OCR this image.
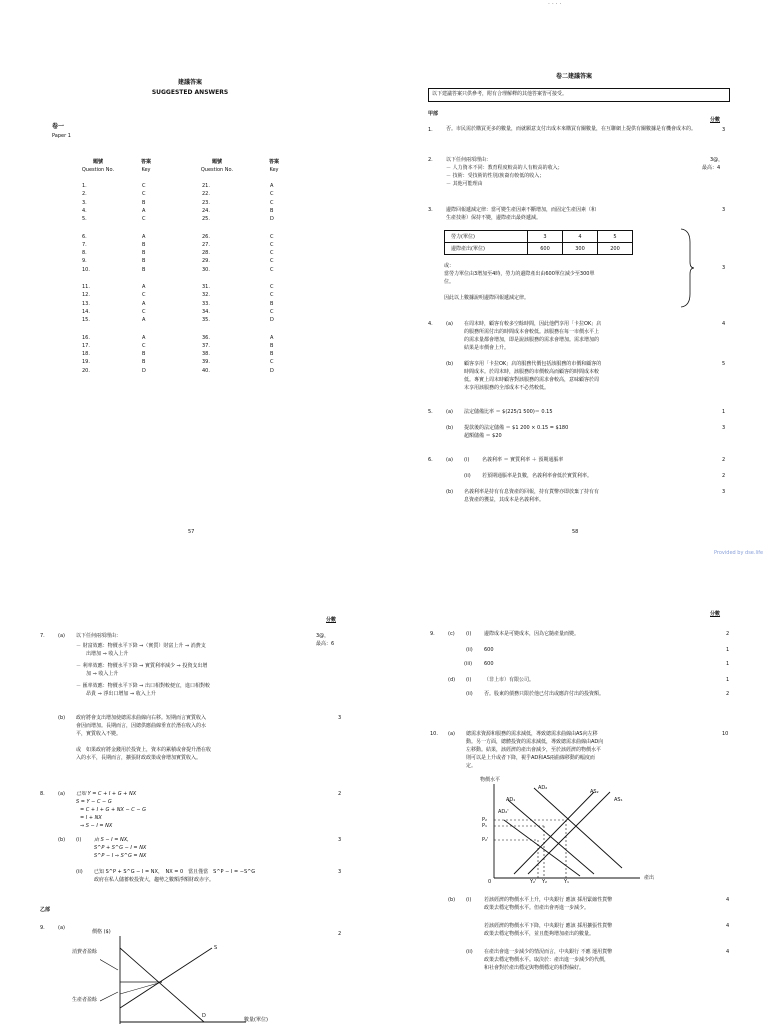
· · · ·
建議答案
SUGGESTED ANSWERS
卷一
Paper 1
題號
Question No.
答案
Key
題號
Question No.
答案
Key
1.	C
2.	C
3.	B
4.	A
5.	C
6.	A
7.	B
8.	B
9.	B
10.	B
11.	A
12.	C
13.	A
14.	C
15.	A
16.	A
17.	C
18.	B
19.	B
20.	D
21.	A
22.	C
23.	C
24.	B
25.	D
26.	C
27.	C
28.	C
29.	C
30.	C
31.	C
32.	C
33.	B
34.	C
35.	D
36.	A
37.	B
38.	B
39.	C
40.	D
57
卷二建議答案
以下建議答案只供參考，附有合理解釋的其他答案皆可接受。
甲部
分數
1.	否。市民需於購買更多的數量，而就願意支付出成本來購買有關數量，在互聯網上提供有關數據是有機會成本的。	3
2.	以下任何兩項理由：
－ 人力資本不同：教育程度較高的人有較高的收入；
－ 技術：受技術的性別/族裔有較低的收入；
－ 其他可能理由
3@，
最高：4
3.	邊際回報遞減定律：當可變生產因素不斷增加，而固定生產因素（和
生產技術）保持不變，邊際產出最終遞減。
3
勞力(單位)	3	4	5
邊際產出(單位)	600	300	200
或：
當勞力單位由3增加至4時，勞力的邊際產出由600單位減少至300單
位。
因此以上數據說明邊際回報遞減定律。
3
4.	(a) 在周末時，顧客有較多空餘時間，因此他們享用「卡拉OK」店
的服務所需付出的時間成本會較低。該服務在每一市價水平上
的需求量都會增加，即是說該服務的需求會增加。需求增加的
結果是市價會上升。
4
(b) 顧客享用「卡拉OK」店的服務代價包括該服務的市價和顧客的
時間成本。於周末時，該服務的市價較高而顧客的時間成本較
低。專實上周末時顧客對該服務的需求會較高，意味顧客於周
末享用該服務的全部成本不必然較低。
5
5.	(a) 法定儲備比率 ＝ $(225/1 500)＝ 0.15	1
(b) 提款後的法定儲備 ＝ $1 200 × 0.15 = $180
超額儲備 ＝ $20
3
6.	(a) (i)	名義利率 ＝ 實質利率 ＋ 預期通脹率	2
(ii) 若預期通脹率是負數，名義利率會低於實質利率。	2
(b) 名義利率是持有有息資產的回報，持有貨幣亦即放棄了持有有
息資產的獲益，其成本是名義利率。
3
58
Provided by dse.life
分數
7.	(a) 以下任何兩項理由：	3@，
最高：6
－ 財富效應：物價水平下降 ⇒（實質）財富上升 ⇒ 消費支
出增加 ⇒ 收入上升
－ 利率效應：物價水平下降 ⇒ 實質利率減少 ⇒ 投資支出增
加 ⇒ 收入上升
－ 匯率效應：物價水平下降 ⇒ 出口相對較便宜，進口相對較
昂貴 ⇒ 淨出口增加 ⇒ 收入上升
(b) 政府將會支出增加使總需求曲線向右移。短期而言實質收入
會因而增加。長期而言，因總供應曲線垂直於潛在收入的水
平，實質收入不變。
或　如果政府將金錢用於投資上，資本的累積或會提升潛在收
入的水平，長期而言，擴張財政政策或會增加實質收入。
3
8.	(a) 已知 Y = C + I + G + NX
S = Y − C − G
= C + I + G + NX − C − G
= I + NX
⇒ S − I = NX
2
(b) (i)	由 S − I = NX,
S^P + S^G − I = NX
S^P − I ⇒ S^G = NX
3
(ii) 已知 S^P + S^G − I = NX，　NX = 0　當且僅當　S^P − I = −S^G
政府在私人儲蓄較投資大，趨勢之數額淨額財政赤字。
3
乙部
9.	(a)
2
價格 ($)
消費者盈餘
生產者盈餘
S
D
數量(單位)
分數
9.	(c) (i)	邊際成本是可變成本，因為它隨產量而變。	2
(ii) 600	1
(iii) 600	1
(d) (i)	（非上市）有限公司。	1
(ii) 否。股東的債務只限於他已付出或應許付出的投資額。	2
10. (a) 總需求資源和服務的需求減低，導致總需求曲線由AS向左移
動。另一方面，總體投資的需求減低，導致總需求曲線由AD向
左移動。結果，該經濟的產出會減少，至於該經濟的物價水平
則可以是上升或者下降，視乎AD和AS兩曲線移動的幅度而
定。
10
物價水平
產出
AD₁
AD₂
AS₂
AS₁
AD₂'
P₂
P₁
P₂'
0	Y₂' Y₂	Y₁
(b) (i)	若該經濟的物價水平上升，中央銀行 應該 採用緊縮性貨幣
政策去穩定物價水平。但產出會再進一步減少。
4
若該經濟的物價水平下降，中央銀行 應該 採用擴張性貨幣
政策去穩定物價水平，並且能夠增加產出的數量。
4
(ii) 在產出會進一步減少的情況而言，中央銀行 不應 運用貨幣
政策去穩定物價水平。取決於：產出進一步減少的代價，
和社會對於產出穩定與物價穩定的相對偏好。
4
